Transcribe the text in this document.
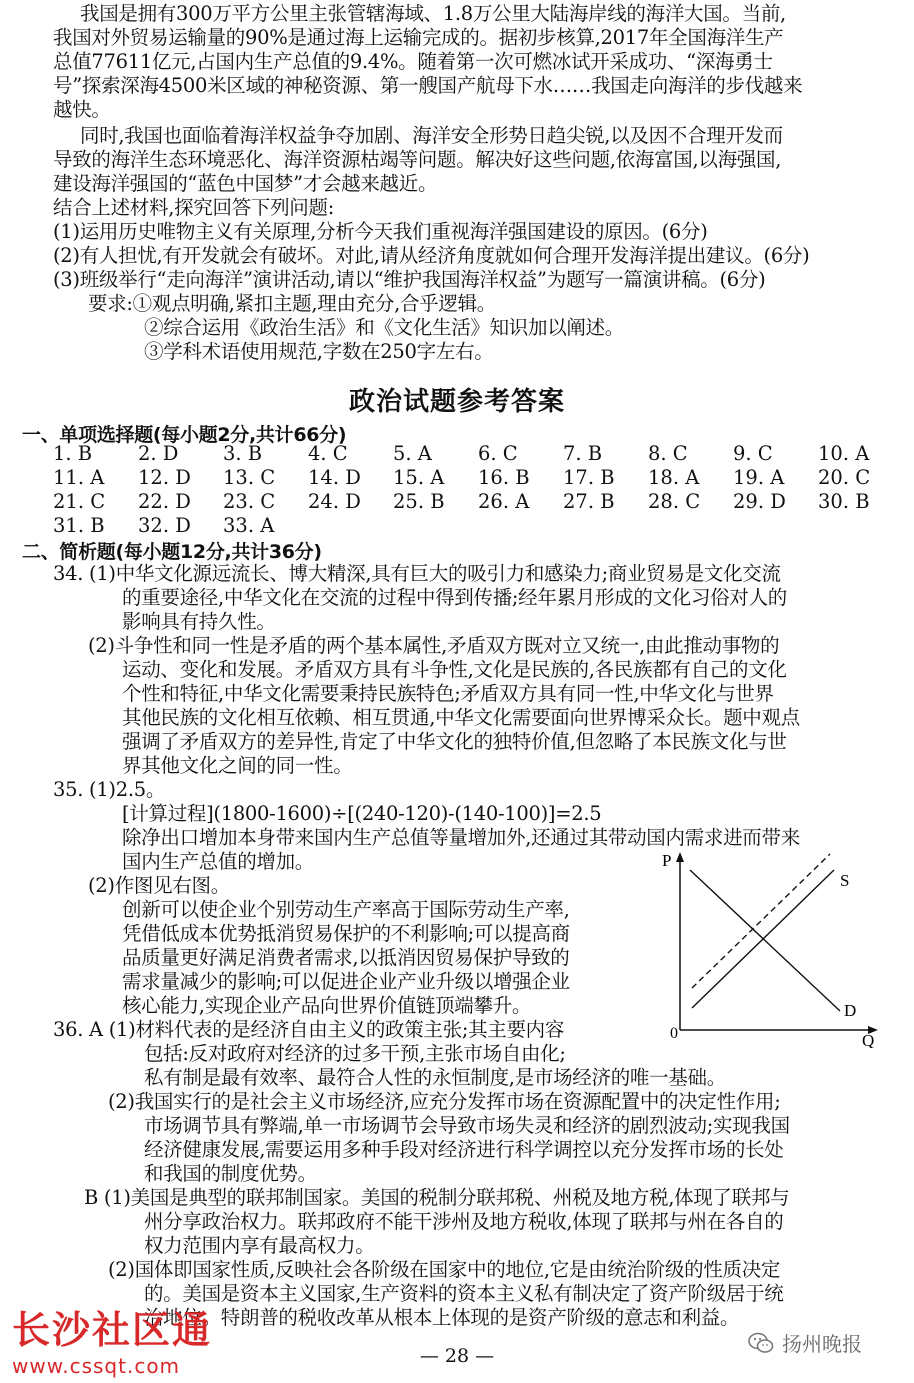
我国是拥有300万平方公里主张管辖海域、1.8万公里大陆海岸线的海洋大国。当前,
我国对外贸易运输量的90%是通过海上运输完成的。据初步核算,2017年全国海洋生产
总值77611亿元,占国内生产总值的9.4%。随着第一次可燃冰试开采成功、“深海勇士
号”探索深海4500米区域的神秘资源、第一艘国产航母下水……我国走向海洋的步伐越来
越快。
同时,我国也面临着海洋权益争夺加剧、海洋安全形势日趋尖锐,以及因不合理开发而
导致的海洋生态环境恶化、海洋资源枯竭等问题。解决好这些问题,依海富国,以海强国,
建设海洋强国的“蓝色中国梦”才会越来越近。
结合上述材料,探究回答下列问题:
(1)运用历史唯物主义有关原理,分析今天我们重视海洋强国建设的原因。(6分)
(2)有人担忧,有开发就会有破坏。对此,请从经济角度就如何合理开发海洋提出建议。(6分)
(3)班级举行“走向海洋”演讲活动,请以“维护我国海洋权益”为题写一篇演讲稿。(6分)
要求:①观点明确,紧扣主题,理由充分,合乎逻辑。
②综合运用《政治生活》和《文化生活》知识加以阐述。
③学科术语使用规范,字数在250字左右。
政治试题参考答案
一、单项选择题(每小题2分,共计66分)
1. B 2. D 3. B 4. C 5. A 6. C 7. B 8. C 9. C 10. A
11. A 12. D 13. C 14. D 15. A 16. B 17. B 18. A 19. A 20. C
21. C 22. D 23. C 24. D 25. B 26. A 27. B 28. C 29. D 30. B
31. B 32. D 33. A
二、简析题(每小题12分,共计36分)
34. (1)中华文化源远流长、博大精深,具有巨大的吸引力和感染力;商业贸易是文化交流
的重要途径,中华文化在交流的过程中得到传播;经年累月形成的文化习俗对人的
影响具有持久性。
(2)斗争性和同一性是矛盾的两个基本属性,矛盾双方既对立又统一,由此推动事物的
运动、变化和发展。矛盾双方具有斗争性,文化是民族的,各民族都有自己的文化
个性和特征,中华文化需要秉持民族特色;矛盾双方具有同一性,中华文化与世界
其他民族的文化相互依赖、相互贯通,中华文化需要面向世界博采众长。题中观点
强调了矛盾双方的差异性,肯定了中华文化的独特价值,但忽略了本民族文化与世
界其他文化之间的同一性。
35. (1)2.5。
[计算过程](1800-1600)÷[(240-120)-(140-100)]=2.5
除净出口增加本身带来国内生产总值等量增加外,还通过其带动国内需求进而带来
国内生产总值的增加。
(2)作图见右图。
创新可以使企业个别劳动生产率高于国际劳动生产率,
凭借低成本优势抵消贸易保护的不利影响;可以提高商
品质量更好满足消费者需求,以抵消因贸易保护导致的
需求量减少的影响;可以促进企业产业升级以增强企业
核心能力,实现企业产品向世界价值链顶端攀升。
36. A (1)材料代表的是经济自由主义的政策主张;其主要内容
包括:反对政府对经济的过多干预,主张市场自由化;
私有制是最有效率、最符合人性的永恒制度,是市场经济的唯一基础。
(2)我国实行的是社会主义市场经济,应充分发挥市场在资源配置中的决定性作用;
市场调节具有弊端,单一市场调节会导致市场失灵和经济的剧烈波动;实现我国
经济健康发展,需要运用多种手段对经济进行科学调控以充分发挥市场的长处
和我国的制度优势。
B (1)美国是典型的联邦制国家。美国的税制分联邦税、州税及地方税,体现了联邦与
州分享政治权力。联邦政府不能干涉州及地方税收,体现了联邦与州在各自的
权力范围内享有最高权力。
(2)国体即国家性质,反映社会各阶级在国家中的地位,它是由统治阶级的性质决定
的。美国是资本主义国家,生产资料的资本主义私有制决定了资产阶级居于统
治地位。特朗普的税收改革从根本上体现的是资产阶级的意志和利益。
P
Q
0
S
D
长沙社区通
www.cssqt.com	— 28 —	扬州晚报
